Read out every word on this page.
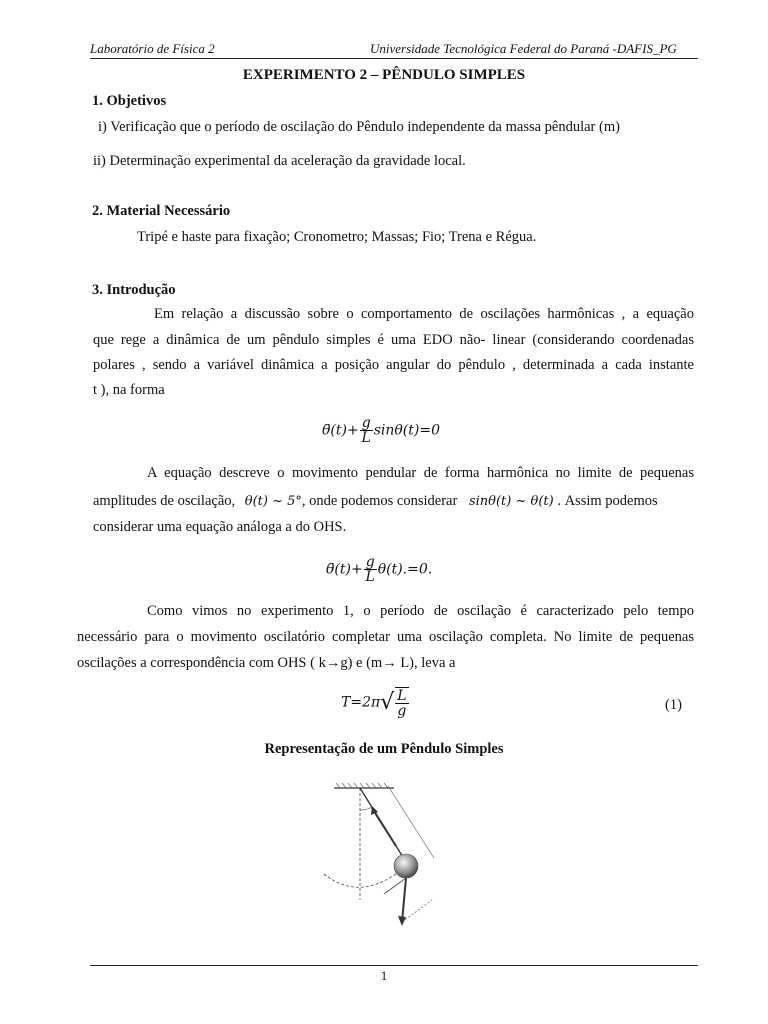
Laboratório de Física 2	Universidade Tecnológica Federal do Paraná -DAFIS_PG
EXPERIMENTO 2 – PÊNDULO SIMPLES
1. Objetivos
i) Verificação que o período de oscilação do Pêndulo independente da massa pêndular (m)
ii) Determinação experimental da aceleração da gravidade local.
2. Material Necessário
Tripé e haste para fixação; Cronometro; Massas; Fio; Trena e Régua.
3. Introdução
Em relação a discussão sobre o comportamento de oscilações harmônicas , a equação
que rege a dinâmica de um pêndulo simples é uma EDO não- linear (considerando coordenadas
polares , sendo a variável dinâmica a posição angular do pêndulo , determinada a cada instante
t ), na forma
θ̈(t)+ $\frac{g}{L} \sin\theta(t)=0$
A equação descreve o movimento pendular de forma harmônica no limite de pequenas
amplitudes de oscilação, θ(t) ~ 5°, onde podemos considerar sinθ(t) ~ θ(t) . Assim podemos
considerar uma equação análoga a do OHS.
θ̈(t)+ $\frac{g}{L} \theta(t).=0$.
Como vimos no experimento 1, o período de oscilação é caracterizado pelo tempo
necessário para o movimento oscilatório completar uma oscilação completa. No limite de pequenas
oscilações a correspondência com OHS ( k→g) e (m→ L), leva a
$T=2\pi√ \frac{L}{g}$	(1)
Representação de um Pêndulo Simples
1
